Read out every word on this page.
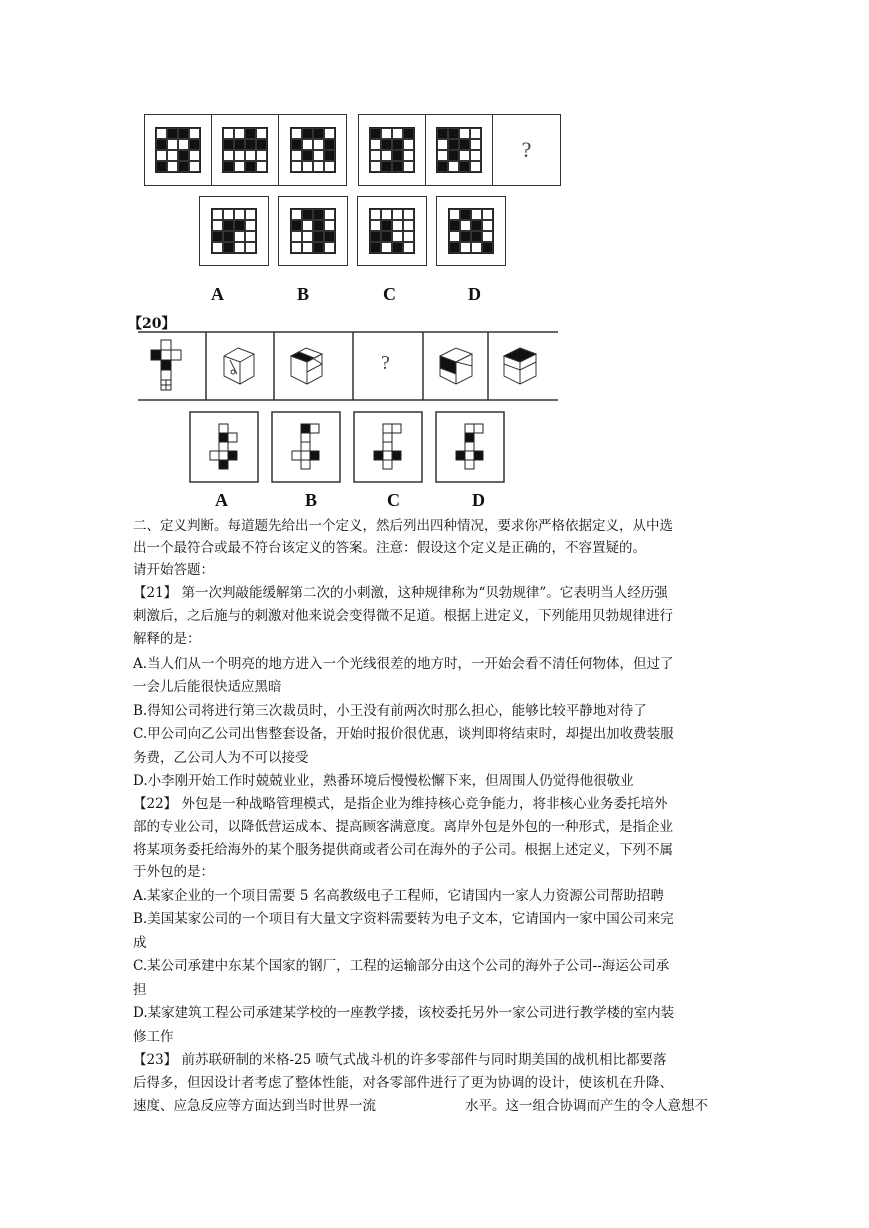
?
A	B	C	D
【20】
?
A	B	C	D
二、定义判断。每道题先给出一个定义，然后列出四种情况，要求你严格依据定义，从中选
出一个最符合或最不符台该定义的答案。注意：假设这个定义是正确的，不容置疑的。
请开始答题：
【21】 第一次判敲能缓解第二次的小刺激，这种规律称为“贝勃规律”。它表明当人经历强
刺激后，之后施与的刺激对他来说会变得微不足道。根据上进定义，下列能用贝勃规律进行
解释的是：
A.当人们从一个明亮的地方进入一个光线很差的地方时，一开始会看不清任何物体，但过了
一会儿后能很快适应黑暗
B.得知公司将进行第三次裁员时，小王没有前两次时那么担心，能够比较平静地对待了
C.甲公司向乙公司出售整套设备，开始时报价很优惠，谈判即将结束时，却提出加收费装服
务费，乙公司人为不可以接受
D.小李刚开始工作时兢兢业业，熟番环境后慢慢松懈下来，但周围人仍觉得他很敬业
【22】 外包是一种战略管理模式，是指企业为维持核心竞争能力，将非核心业务委托培外
部的专业公司，以降低营运成本、提高顾客满意度。离岸外包是外包的一种形式，是指企业
将某项务委托给海外的某个服务提供商或者公司在海外的子公司。根据上述定义，下列不属
于外包的是：
A.某家企业的一个项目需要 5 名高教级电子工程师，它请国内一家人力资源公司帮助招聘
B.美国某家公司的一个项目有大量文字资料需要转为电子文本，它请国内一家中国公司来完
成
C.某公司承建中东某个国家的钢厂，工程的运输部分由这个公司的海外子公司--海运公司承
担
D.某家建筑工程公司承建某学校的一座教学搂，该校委托另外一家公司进行教学楼的室内装
修工作
【23】 前苏联研制的米格-25 喷气式战斗机的许多零部件与同时期美国的战机相比都要落
后得多，但因设计者考虑了整体性能，对各零部件进行了更为协调的设计，使该机在升降、
速度、应急反应等方面达到当时世界一流	水平。这一组合协调而产生的令人意想不
